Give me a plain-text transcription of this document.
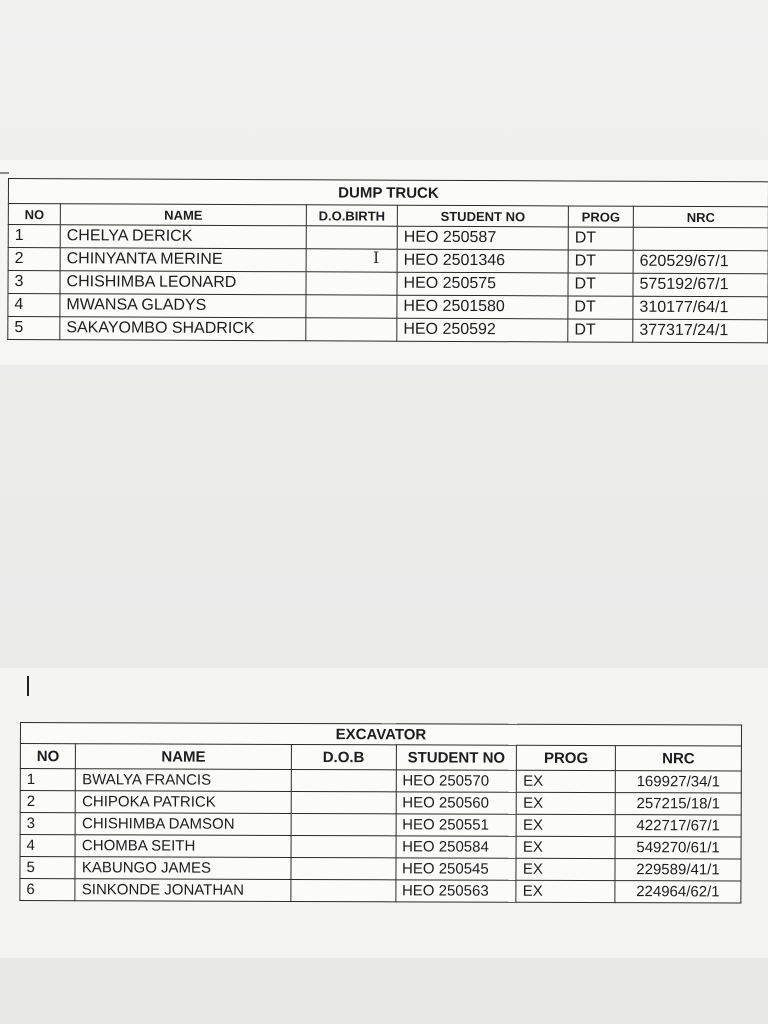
DUMP TRUCK					
NO	NAME	D.O.BIRTH	STUDENT NO	PROG	NRC
1	CHELYA DERICK		HEO 250587	DT	
2	CHINYANTA MERINE		HEO 2501346	DT	620529/67/1
3	CHISHIMBA LEONARD		HEO 250575	DT	575192/67/1
4	MWANSA GLADYS		HEO 2501580	DT	310177/64/1
5	SAKAYOMBO SHADRICK		HEO 250592	DT	377317/24/1
I
EXCAVATOR					
NO	NAME	D.O.B	STUDENT NO	PROG	NRC
1	BWALYA FRANCIS		HEO 250570	EX	169927/34/1
2	CHIPOKA PATRICK		HEO 250560	EX	257215/18/1
3	CHISHIMBA DAMSON		HEO 250551	EX	422717/67/1
4	CHOMBA SEITH		HEO 250584	EX	549270/61/1
5	KABUNGO JAMES		HEO 250545	EX	229589/41/1
6	SINKONDE JONATHAN		HEO 250563	EX	224964/62/1
